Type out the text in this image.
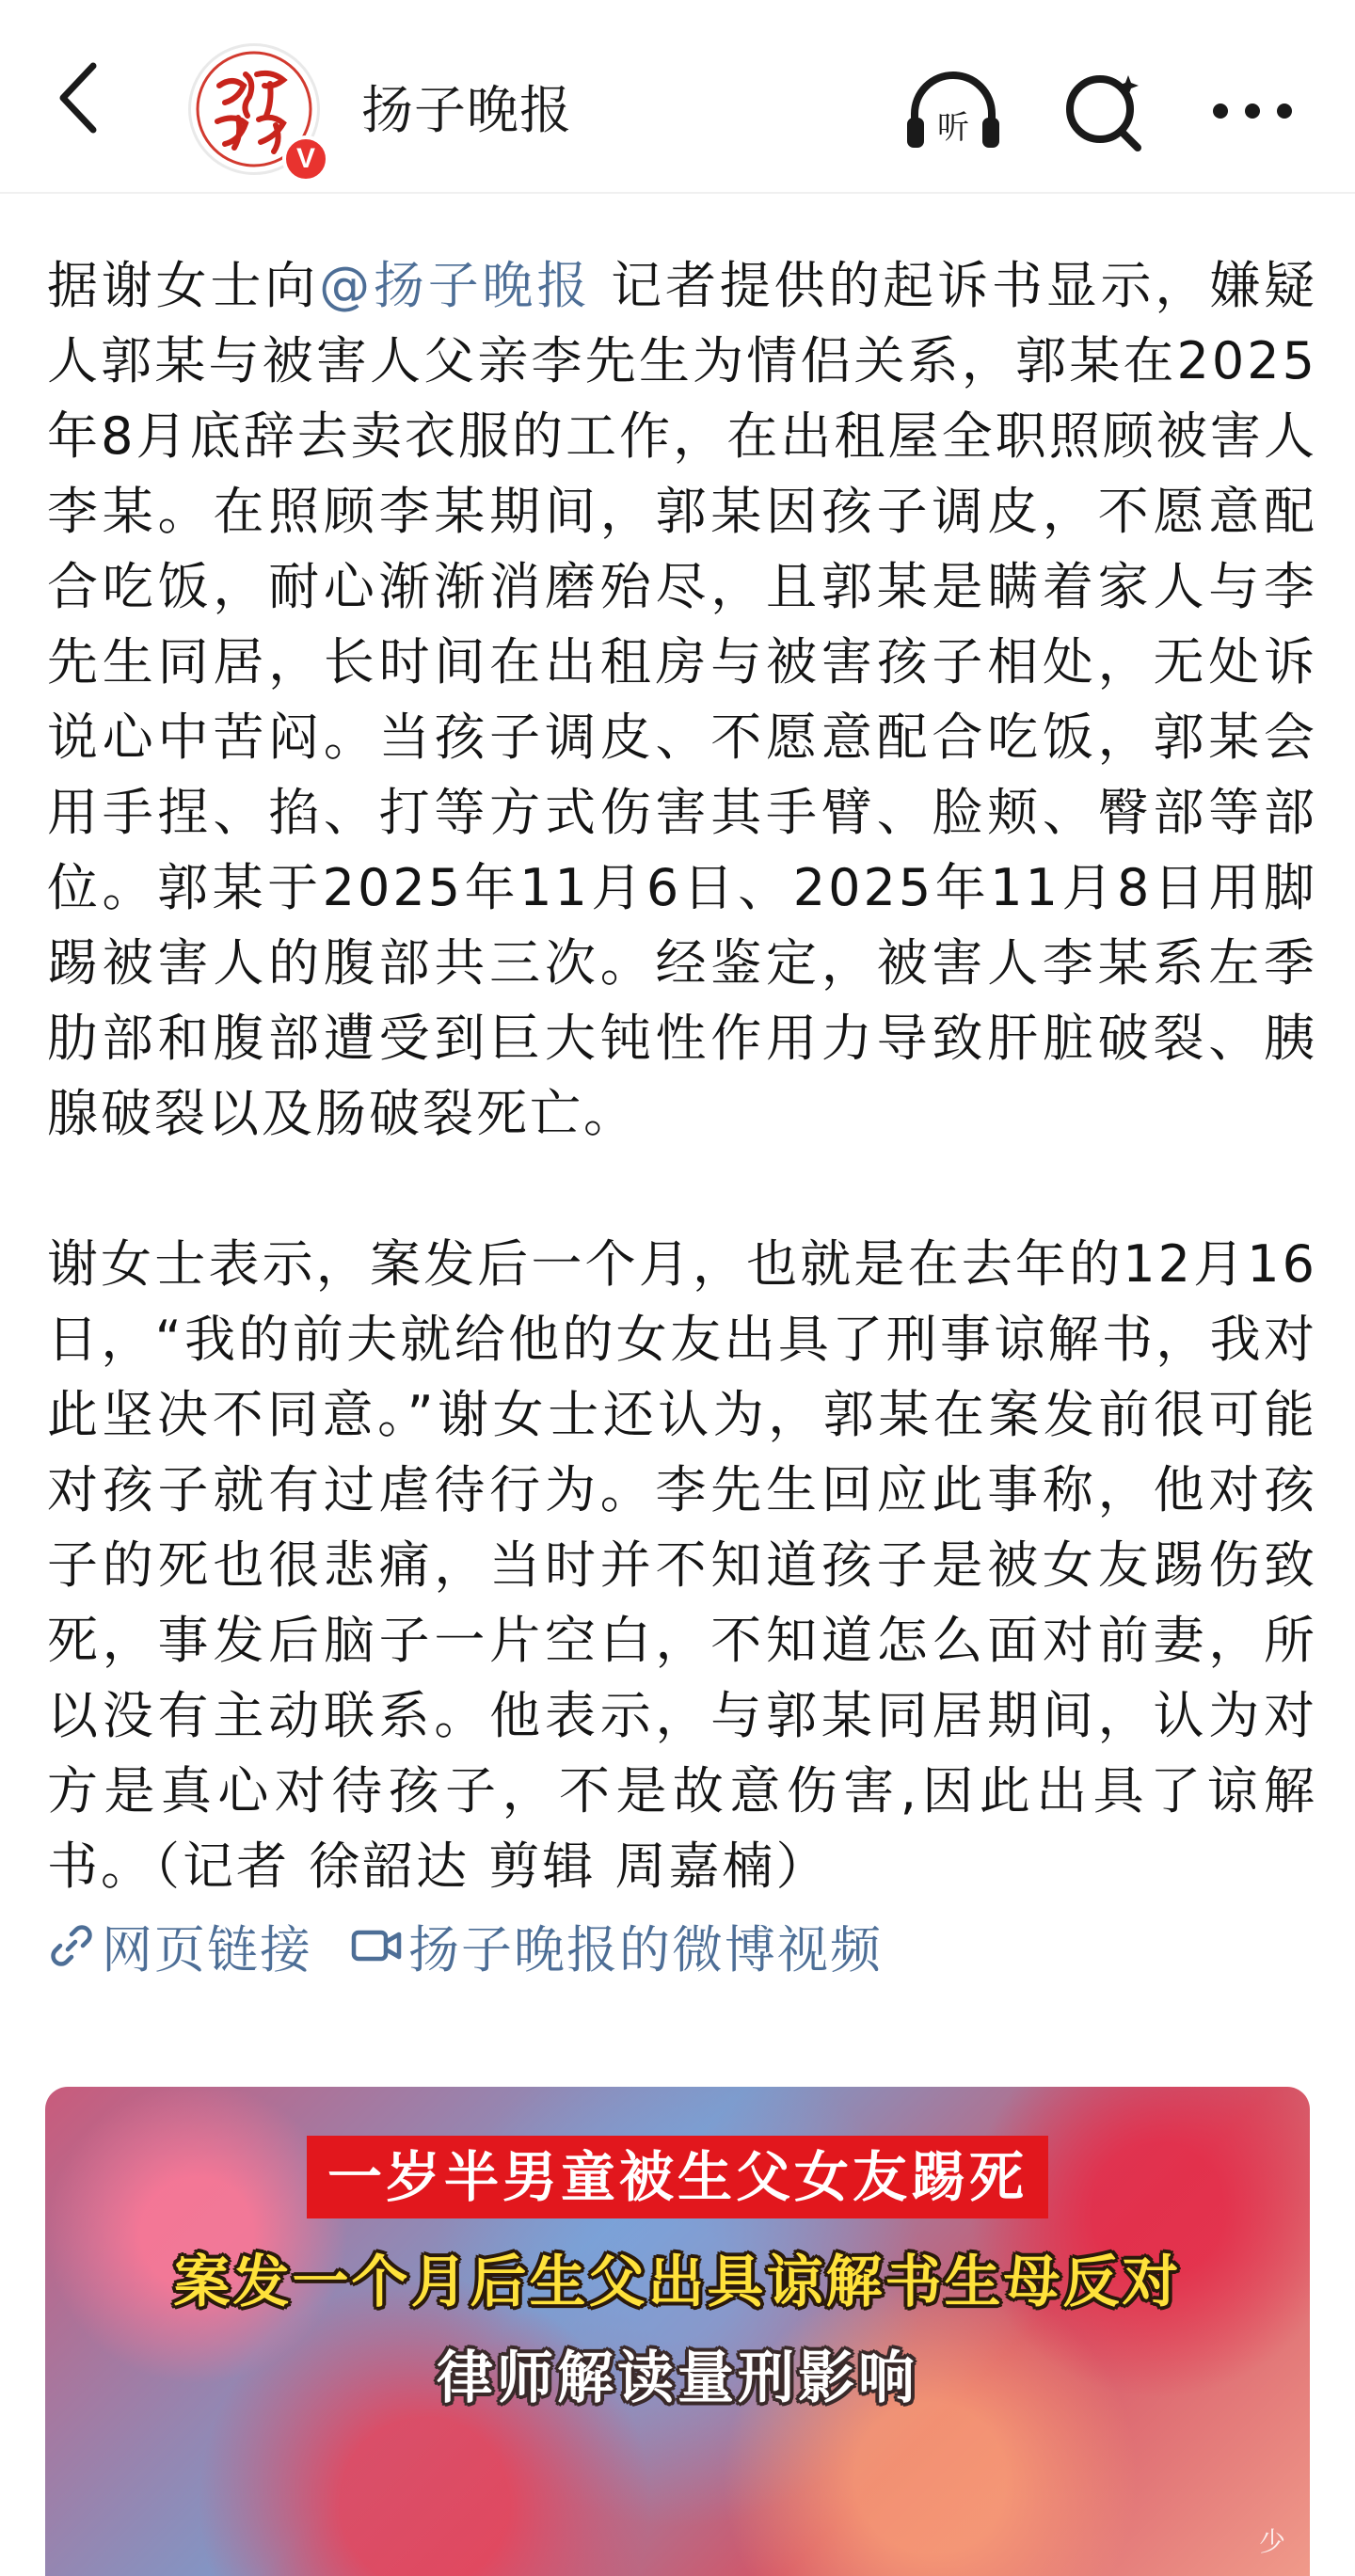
V
扬子晚报	听

据谢女士向@扬子晚报 记者提供的起诉书显示，嫌疑人郭某与被害人父亲李先生为情侣关系，郭某在2025年8月底辞去卖衣服的工作，在出租屋全职照顾被害人李某。在照顾李某期间，郭某因孩子调皮，不愿意配合吃饭，耐心渐渐消磨殆尽，且郭某是瞒着家人与李先生同居，长时间在出租房与被害孩子相处，无处诉说心中苦闷。当孩子调皮、不愿意配合吃饭，郭某会用手捏、掐、打等方式伤害其手臂、脸颊、臀部等部位。郭某于2025年11月6日、2025年11月8日用脚踢被害人的腹部共三次。经鉴定，被害人李某系左季肋部和腹部遭受到巨大钝性作用力导致肝脏破裂、胰腺破裂以及肠破裂死亡。

谢女士表示，案发后一个月，也就是在去年的12月16日，“我的前夫就给他的女友出具了刑事谅解书，我对此坚决不同意。”谢女士还认为，郭某在案发前很可能对孩子就有过虐待行为。李先生回应此事称，他对孩子的死也很悲痛，当时并不知道孩子是被女友踢伤致死，事发后脑子一片空白，不知道怎么面对前妻，所以没有主动联系。他表示，与郭某同居期间，认为对方是真心对待孩子，不是故意伤害,因此出具了谅解书。（记者 徐韶达 剪辑 周嘉楠）

网页链接 扬子晚报的微博视频
一岁半男童被生父女友踢死
案发一个月后生父出具谅解书生母反对
律师解读量刑影响
少
